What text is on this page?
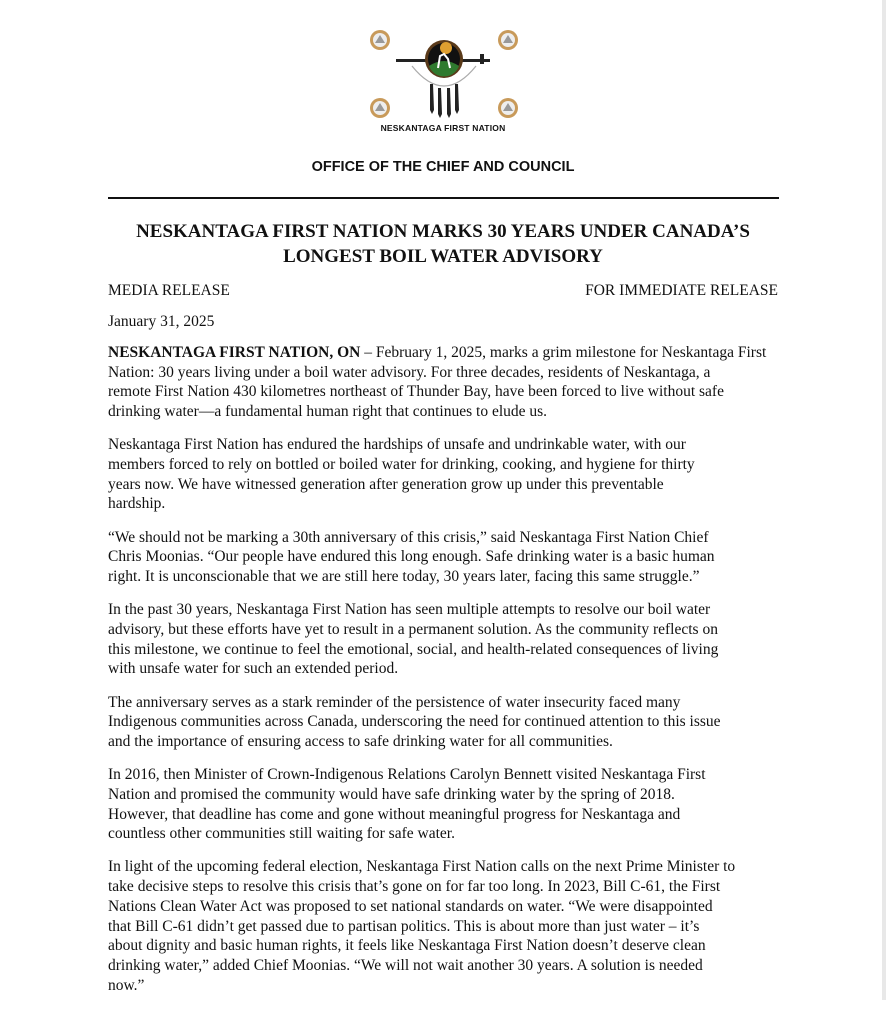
NESKANTAGA FIRST NATION
OFFICE OF THE CHIEF AND COUNCIL
NESKANTAGA FIRST NATION MARKS 30 YEARS UNDER CANADA’S
LONGEST BOIL WATER ADVISORY
MEDIA RELEASE	FOR IMMEDIATE RELEASE
January 31, 2025
NESKANTAGA FIRST NATION, ON – February 1, 2025, marks a grim milestone for Neskantaga First
Nation: 30 years living under a boil water advisory. For three decades, residents of Neskantaga, a
remote First Nation 430 kilometres northeast of Thunder Bay, have been forced to live without safe
drinking water—a fundamental human right that continues to elude us.
Neskantaga First Nation has endured the hardships of unsafe and undrinkable water, with our
members forced to rely on bottled or boiled water for drinking, cooking, and hygiene for thirty
years now. We have witnessed generation after generation grow up under this preventable
hardship.
“We should not be marking a 30th anniversary of this crisis,” said Neskantaga First Nation Chief
Chris Moonias. “Our people have endured this long enough. Safe drinking water is a basic human
right. It is unconscionable that we are still here today, 30 years later, facing this same struggle.”
In the past 30 years, Neskantaga First Nation has seen multiple attempts to resolve our boil water
advisory, but these efforts have yet to result in a permanent solution. As the community reflects on
this milestone, we continue to feel the emotional, social, and health-related consequences of living
with unsafe water for such an extended period.
The anniversary serves as a stark reminder of the persistence of water insecurity faced many
Indigenous communities across Canada, underscoring the need for continued attention to this issue
and the importance of ensuring access to safe drinking water for all communities.
In 2016, then Minister of Crown-Indigenous Relations Carolyn Bennett visited Neskantaga First
Nation and promised the community would have safe drinking water by the spring of 2018.
However, that deadline has come and gone without meaningful progress for Neskantaga and
countless other communities still waiting for safe water.
In light of the upcoming federal election, Neskantaga First Nation calls on the next Prime Minister to
take decisive steps to resolve this crisis that’s gone on for far too long. In 2023, Bill C-61, the First
Nations Clean Water Act was proposed to set national standards on water. “We were disappointed
that Bill C-61 didn’t get passed due to partisan politics. This is about more than just water – it’s
about dignity and basic human rights, it feels like Neskantaga First Nation doesn’t deserve clean
drinking water,” added Chief Moonias. “We will not wait another 30 years. A solution is needed
now.”
